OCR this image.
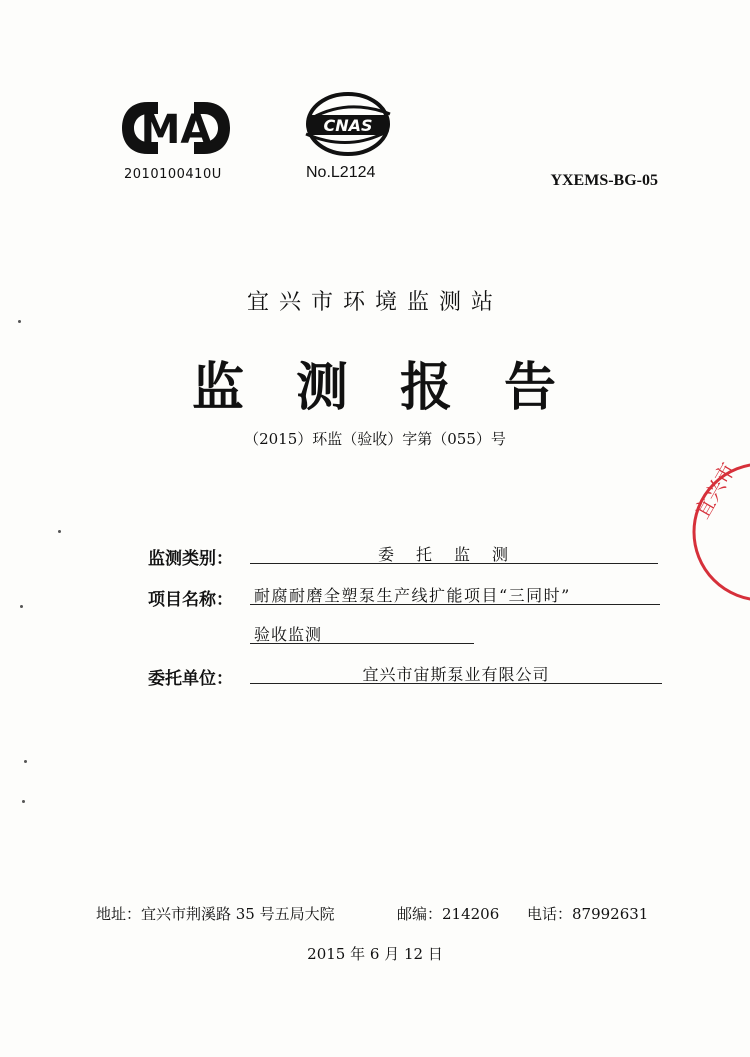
MA
2010100410U
CNAS
No.L2124	YXEMS-BG-05
宜兴市环境监测站
监测报告
（2015）环监（验收）字第（055）号
监测类别：	委托监测
项目名称： 耐腐耐磨全塑泵生产线扩能项目“三同时”
验收监测
委托单位：	宜兴市宙斯泵业有限公司
地址：宜兴市荆溪路 35 号五局大院	邮编：214206 电话：87992631
2015 年 6 月 12 日
宜兴市
